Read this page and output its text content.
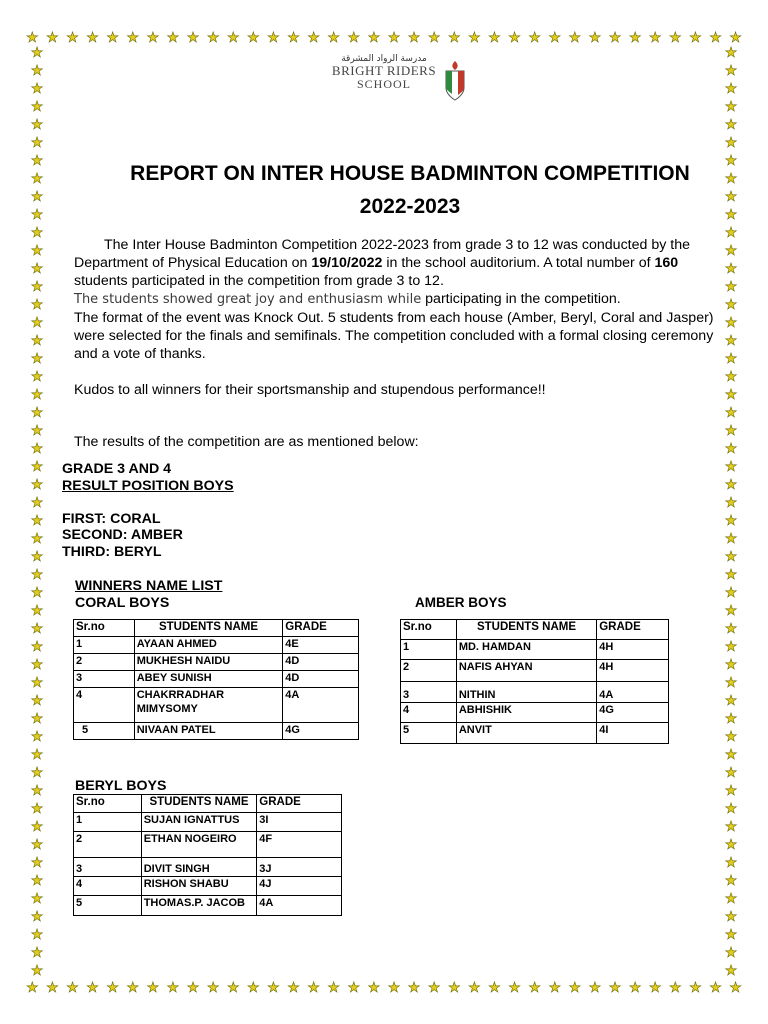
★ ★ ★ ★ ★ ★ ★ ★ ★ ★ ★ ★ ★ ★ ★ ★ ★ ★ ★ ★ ★ ★ ★ ★ ★ ★ ★ ★ ★ ★ ★ ★ ★ ★ ★ ★
★ ★ ★ ★ ★ ★ ★ ★ ★ ★ ★ ★ ★ ★ ★ ★ ★ ★ ★ ★ ★ ★ ★ ★ ★ ★ ★ ★ ★ ★ ★ ★ ★ ★ ★ ★
★
★
★
★
★
★
★
★
★
★
★
★
★
★
★
★
★
★
★
★
★
★
★
★
★
★
★
★
★
★
★
★
★
★
★
★
★
★
★
★
★
★
★
★
★
★
★
★
★
★
★
★
★
★
★
★
★
★
★
★
★
★
★
★
★
★
★
★
★
★
★
★
★
★
★
★
★
★
★
★
★
★
★
★
★
★
★
★
★
★
★
★
★
★
★
★
★
★
★
★
★
★
★
★
مدرسة الرواد المشرقة
BRIGHT RIDERS
SCHOOL
REPORT ON INTER HOUSE BADMINTON COMPETITION
2022-2023

The Inter House Badminton Competition 2022-2023 from grade 3 to 12 was conducted by the Department of Physical Education on 19/10/2022 in the school auditorium. A total number of 160 students participated in the competition from grade 3 to 12.

The students showed great joy and enthusiasm while participating in the competition.

The format of the event was Knock Out. 5 students from each house (Amber, Beryl, Coral and Jasper) were selected for the finals and semifinals. The competition concluded with a formal closing ceremony and a vote of thanks.

Kudos to all winners for their sportsmanship and stupendous performance!!

The results of the competition are as mentioned below:

GRADE 3 AND 4
RESULT POSITION BOYS
FIRST: CORAL
SECOND: AMBER
THIRD: BERYL
WINNERS NAME LIST
CORAL BOYS	AMBER BOYS
Sr.no	STUDENTS NAME	GRADE
1	AYAAN AHMED	4E
2	MUKHESH NAIDU	4D
3	ABEY SUNISH	4D
4	CHAKRRADHAR MIMYSOMY	4A
5	NIVAAN PATEL	4G
Sr.no	STUDENTS NAME	GRADE
1	MD. HAMDAN	4H
2	NAFIS AHYAN	4H
3	NITHIN	4A
4	ABHISHIK	4G
5	ANVIT	4I
BERYL BOYS
Sr.no	STUDENTS NAME	GRADE
1	SUJAN IGNATTUS	3I
2	ETHAN NOGEIRO	4F
3	DIVIT SINGH	3J
4	RISHON SHABU	4J
5	THOMAS.P. JACOB	4A
